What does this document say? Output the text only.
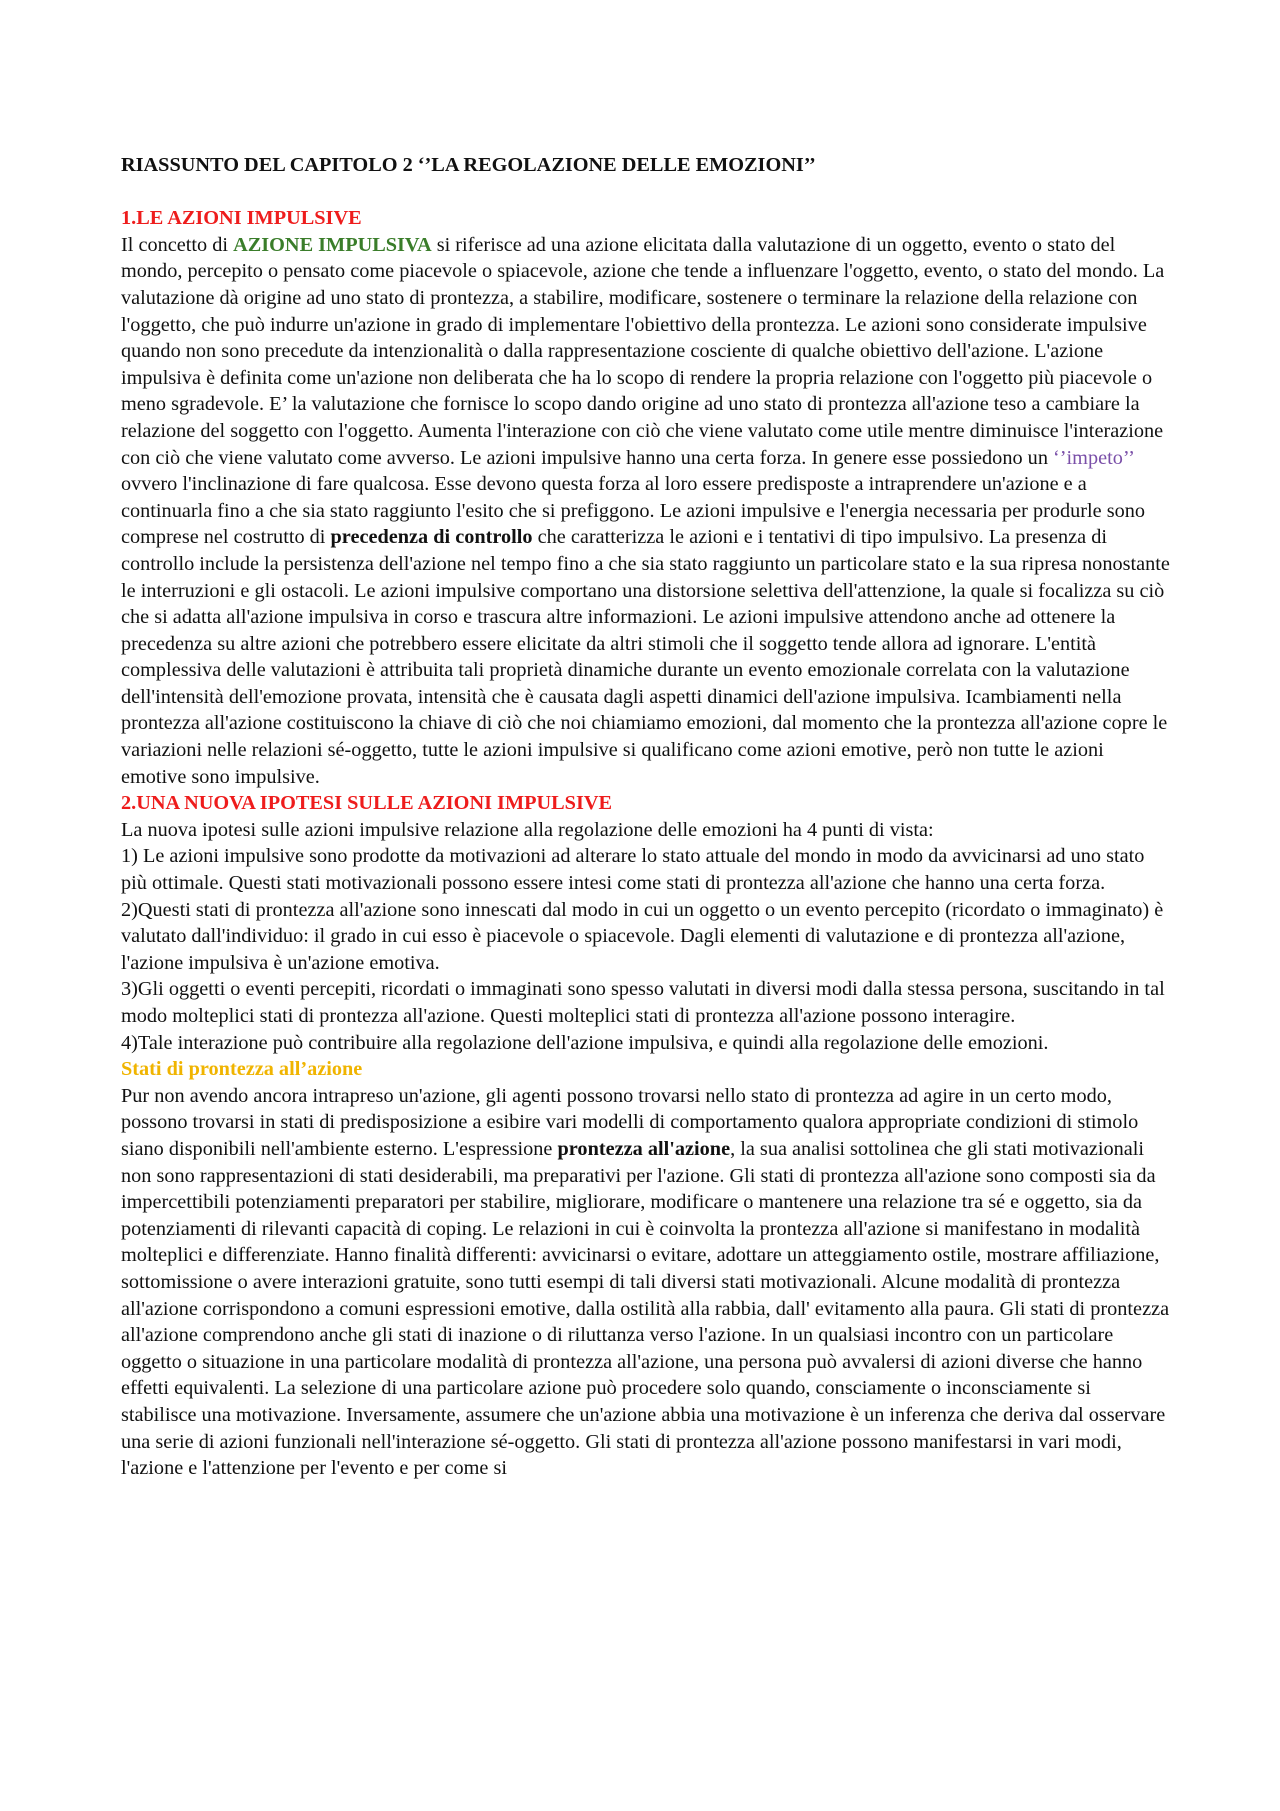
RIASSUNTO DEL CAPITOLO 2 ‘’LA REGOLAZIONE DELLE EMOZIONI’’

1.LE AZIONI IMPULSIVE

Il concetto di AZIONE IMPULSIVA si riferisce ad una azione elicitata dalla valutazione di un oggetto, evento o stato del mondo, percepito o pensato come piacevole o spiacevole, azione che tende a influenzare l'oggetto, evento, o stato del mondo. La valutazione dà origine ad uno stato di prontezza, a stabilire, modificare, sostenere o terminare la relazione della relazione con l'oggetto, che può indurre un'azione in grado di implementare l'obiettivo della prontezza. Le azioni sono considerate impulsive quando non sono precedute da intenzionalità o dalla rappresentazione cosciente di qualche obiettivo dell'azione. L'azione impulsiva è definita come un'azione non deliberata che ha lo scopo di rendere la propria relazione con l'oggetto più piacevole o meno sgradevole. E’ la valutazione che fornisce lo scopo dando origine ad uno stato di prontezza all'azione teso a cambiare la relazione del soggetto con l'oggetto. Aumenta l'interazione con ciò che viene valutato come utile mentre diminuisce l'interazione con ciò che viene valutato come avverso. Le azioni impulsive hanno una certa forza. In genere esse possiedono un ‘’impeto’’ ovvero l'inclinazione di fare qualcosa. Esse devono questa forza al loro essere predisposte a intraprendere un'azione e a continuarla fino a che sia stato raggiunto l'esito che si prefiggono. Le azioni impulsive e l'energia necessaria per produrle sono comprese nel costrutto di precedenza di controllo che caratterizza le azioni e i tentativi di tipo impulsivo. La presenza di controllo include la persistenza dell'azione nel tempo fino a che sia stato raggiunto un particolare stato e la sua ripresa nonostante le interruzioni e gli ostacoli. Le azioni impulsive comportano una distorsione selettiva dell'attenzione, la quale si focalizza su ciò che si adatta all'azione impulsiva in corso e trascura altre informazioni. Le azioni impulsive attendono anche ad ottenere la precedenza su altre azioni che potrebbero essere elicitate da altri stimoli che il soggetto tende allora ad ignorare. L'entità complessiva delle valutazioni è attribuita tali proprietà dinamiche durante un evento emozionale correlata con la valutazione dell'intensità dell'emozione provata, intensità che è causata dagli aspetti dinamici dell'azione impulsiva. Icambiamenti nella prontezza all'azione costituiscono la chiave di ciò che noi chiamiamo emozioni, dal momento che la prontezza all'azione copre le variazioni nelle relazioni sé-oggetto, tutte le azioni impulsive si qualificano come azioni emotive, però non tutte le azioni emotive sono impulsive.

2.UNA NUOVA IPOTESI SULLE AZIONI IMPULSIVE

La nuova ipotesi sulle azioni impulsive relazione alla regolazione delle emozioni ha 4 punti di vista:

1) Le azioni impulsive sono prodotte da motivazioni ad alterare lo stato attuale del mondo in modo da avvicinarsi ad uno stato più ottimale. Questi stati motivazionali possono essere intesi come stati di prontezza all'azione che hanno una certa forza.

2)Questi stati di prontezza all'azione sono innescati dal modo in cui un oggetto o un evento percepito (ricordato o immaginato) è valutato dall'individuo: il grado in cui esso è piacevole o spiacevole. Dagli elementi di valutazione e di prontezza all'azione, l'azione impulsiva è un'azione emotiva.

3)Gli oggetti o eventi percepiti, ricordati o immaginati sono spesso valutati in diversi modi dalla stessa persona, suscitando in tal modo molteplici stati di prontezza all'azione. Questi molteplici stati di prontezza all'azione possono interagire.

4)Tale interazione può contribuire alla regolazione dell'azione impulsiva, e quindi alla regolazione delle emozioni.

Stati di prontezza all’azione

Pur non avendo ancora intrapreso un'azione, gli agenti possono trovarsi nello stato di prontezza ad agire in un certo modo, possono trovarsi in stati di predisposizione a esibire vari modelli di comportamento qualora appropriate condizioni di stimolo siano disponibili nell'ambiente esterno. L'espressione prontezza all'azione, la sua analisi sottolinea che gli stati motivazionali non sono rappresentazioni di stati desiderabili, ma preparativi per l'azione. Gli stati di prontezza all'azione sono composti sia da impercettibili potenziamenti preparatori per stabilire, migliorare, modificare o mantenere una relazione tra sé e oggetto, sia da potenziamenti di rilevanti capacità di coping. Le relazioni in cui è coinvolta la prontezza all'azione si manifestano in modalità molteplici e differenziate. Hanno finalità differenti: avvicinarsi o evitare, adottare un atteggiamento ostile, mostrare affiliazione, sottomissione o avere interazioni gratuite, sono tutti esempi di tali diversi stati motivazionali. Alcune modalità di prontezza all'azione corrispondono a comuni espressioni emotive, dalla ostilità alla rabbia, dall' evitamento alla paura. Gli stati di prontezza all'azione comprendono anche gli stati di inazione o di riluttanza verso l'azione. In un qualsiasi incontro con un particolare oggetto o situazione in una particolare modalità di prontezza all'azione, una persona può avvalersi di azioni diverse che hanno effetti equivalenti. La selezione di una particolare azione può procedere solo quando, consciamente o inconsciamente si stabilisce una motivazione. Inversamente, assumere che un'azione abbia una motivazione è un inferenza che deriva dal osservare una serie di azioni funzionali nell'interazione sé-oggetto. Gli stati di prontezza all'azione possono manifestarsi in vari modi, l'azione e l'attenzione per l'evento e per come si
